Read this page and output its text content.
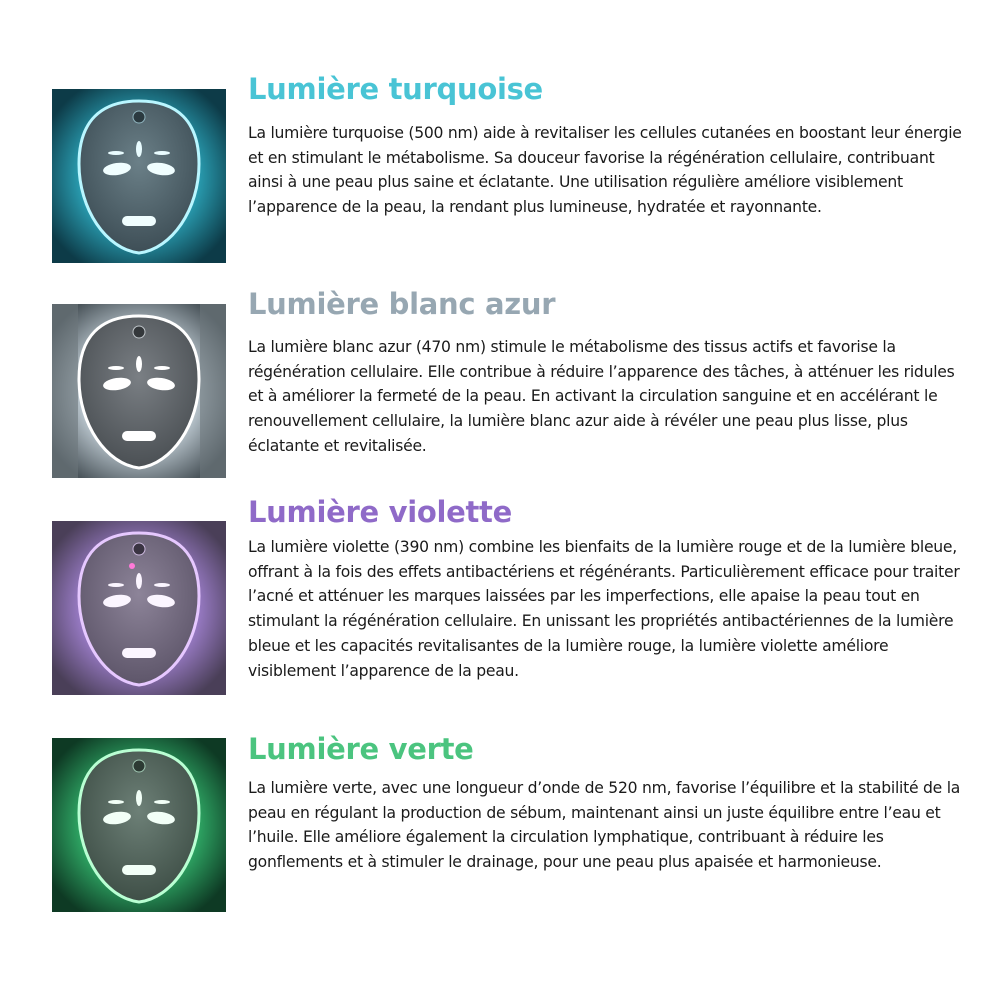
Lumière turquoise

La lumière turquoise (500 nm) aide à revitaliser les cellules cutanées en boostant leur énergie et en stimulant le métabolisme. Sa douceur favorise la régénération cellulaire, contribuant ainsi à une peau plus saine et éclatante. Une utilisation régulière améliore visiblement l’apparence de la peau, la rendant plus lumineuse, hydratée et rayonnante.

Lumière blanc azur

La lumière blanc azur (470 nm) stimule le métabolisme des tissus actifs et favorise la régénération cellulaire. Elle contribue à réduire l’apparence des tâches, à atténuer les ridules et à améliorer la fermeté de la peau. En activant la circulation sanguine et en accélérant le renouvellement cellulaire, la lumière blanc azur aide à révéler une peau plus lisse, plus éclatante et revitalisée.

Lumière violette

La lumière violette (390 nm) combine les bienfaits de la lumière rouge et de la lumière bleue, offrant à la fois des effets antibactériens et régénérants. Particulièrement efficace pour traiter l’acné et atténuer les marques laissées par les imperfections, elle apaise la peau tout en stimulant la régénération cellulaire. En unissant les propriétés antibactériennes de la lumière bleue et les capacités revitalisantes de la lumière rouge, la lumière violette améliore visiblement l’apparence de la peau.

Lumière verte

La lumière verte, avec une longueur d’onde de 520 nm, favorise l’équilibre et la stabilité de la peau en régulant la production de sébum, maintenant ainsi un juste équilibre entre l’eau et l’huile. Elle améliore également la circulation lymphatique, contribuant à réduire les gonflements et à stimuler le drainage, pour une peau plus apaisée et harmonieuse.
